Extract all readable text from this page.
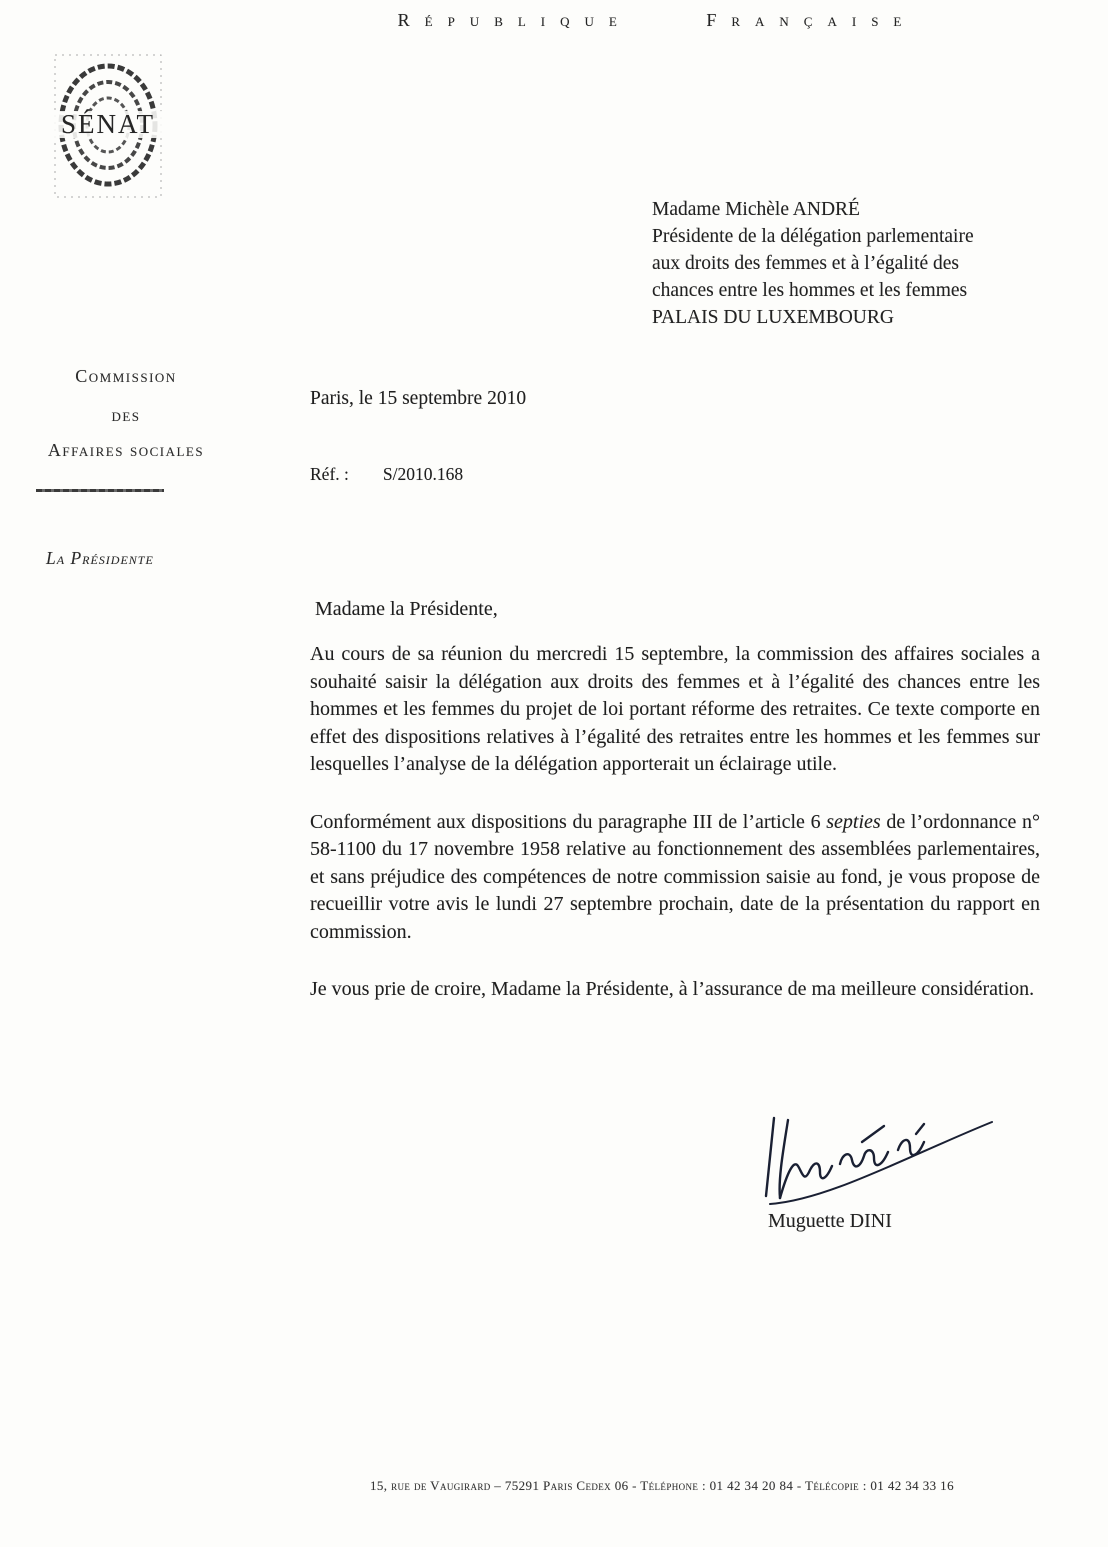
République Française
SÉNAT
Madame Michèle ANDRÉ
Présidente de la délégation parlementaire
aux droits des femmes et à l’égalité des
chances entre les hommes et les femmes
PALAIS DU LUXEMBOURG
Commission
des
Affaires sociales
La Présidente
Paris, le 15 septembre 2010
Réf. : S/2010.168
Madame la Présidente,

Au cours de sa réunion du mercredi 15 septembre, la commission des affaires sociales a souhaité saisir la délégation aux droits des femmes et à l’égalité des chances entre les hommes et les femmes du projet de loi portant réforme des retraites. Ce texte comporte en effet des dispositions relatives à l’égalité des retraites entre les hommes et les femmes sur lesquelles l’analyse de la délégation apporterait un éclairage utile.

Conformément aux dispositions du paragraphe III de l’article 6 septies de l’ordonnance n° 58-1100 du 17 novembre 1958 relative au fonctionnement des assemblées parlementaires, et sans préjudice des compétences de notre commission saisie au fond, je vous propose de recueillir votre avis le lundi 27 septembre prochain, date de la présentation du rapport en commission.

Je vous prie de croire, Madame la Présidente, à l’assurance de ma meilleure considération.

Muguette DINI
15, rue de Vaugirard – 75291 Paris Cedex 06 - Téléphone : 01 42 34 20 84 - Télécopie : 01 42 34 33 16
